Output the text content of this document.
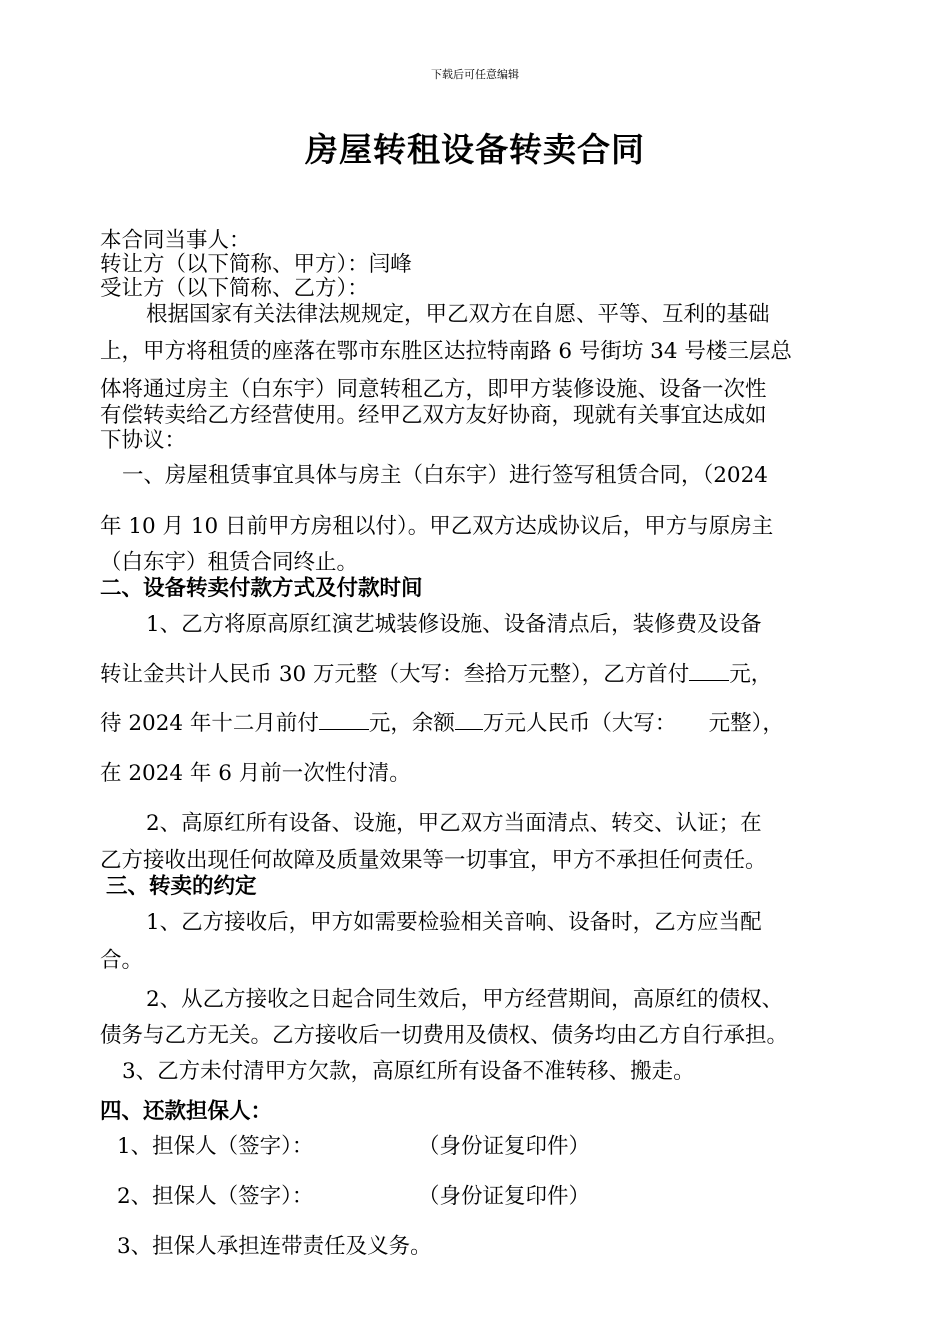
下载后可任意编辑
房屋转租设备转卖合同
本合同当事人：
转让方（以下简称、甲方）：闫峰
受让方（以下简称、乙方）：
根据国家有关法律法规规定，甲乙双方在自愿、平等、互利的基础
上，甲方将租赁的座落在鄂市东胜区达拉特南路 6 号街坊 34 号楼三层总
体将通过房主（白东宇）同意转租乙方，即甲方装修设施、设备一次性
有偿转卖给乙方经营使用。经甲乙双方友好协商，现就有关事宜达成如
下协议：
一、房屋租赁事宜具体与房主（白东宇）进行签写租赁合同，（2024
年 10 月 10 日前甲方房租以付）。甲乙双方达成协议后，甲方与原房主
（白东宇）租赁合同终止。
二、设备转卖付款方式及付款时间
1、乙方将原高原红演艺城装修设施、设备清点后，装修费及设备
转让金共计人民币 30 万元整（大写：叁拾万元整），乙方首付 元，
待 2024 年十二月前付 元，余额 万元人民币（大写：　　元整），
在 2024 年 6 月前一次性付清。
2、高原红所有设备、设施，甲乙双方当面清点、转交、认证；在
乙方接收出现任何故障及质量效果等一切事宜，甲方不承担任何责任。
三、转卖的约定
1、乙方接收后，甲方如需要检验相关音响、设备时，乙方应当配
合。
2、从乙方接收之日起合同生效后，甲方经营期间，高原红的债权、
债务与乙方无关。乙方接收后一切费用及债权、债务均由乙方自行承担。
3、乙方未付清甲方欠款，高原红所有设备不准转移、搬走。
四、还款担保人：
1、担保人（签字）：	（身份证复印件）
2、担保人（签字）：	（身份证复印件）
3、担保人承担连带责任及义务。
